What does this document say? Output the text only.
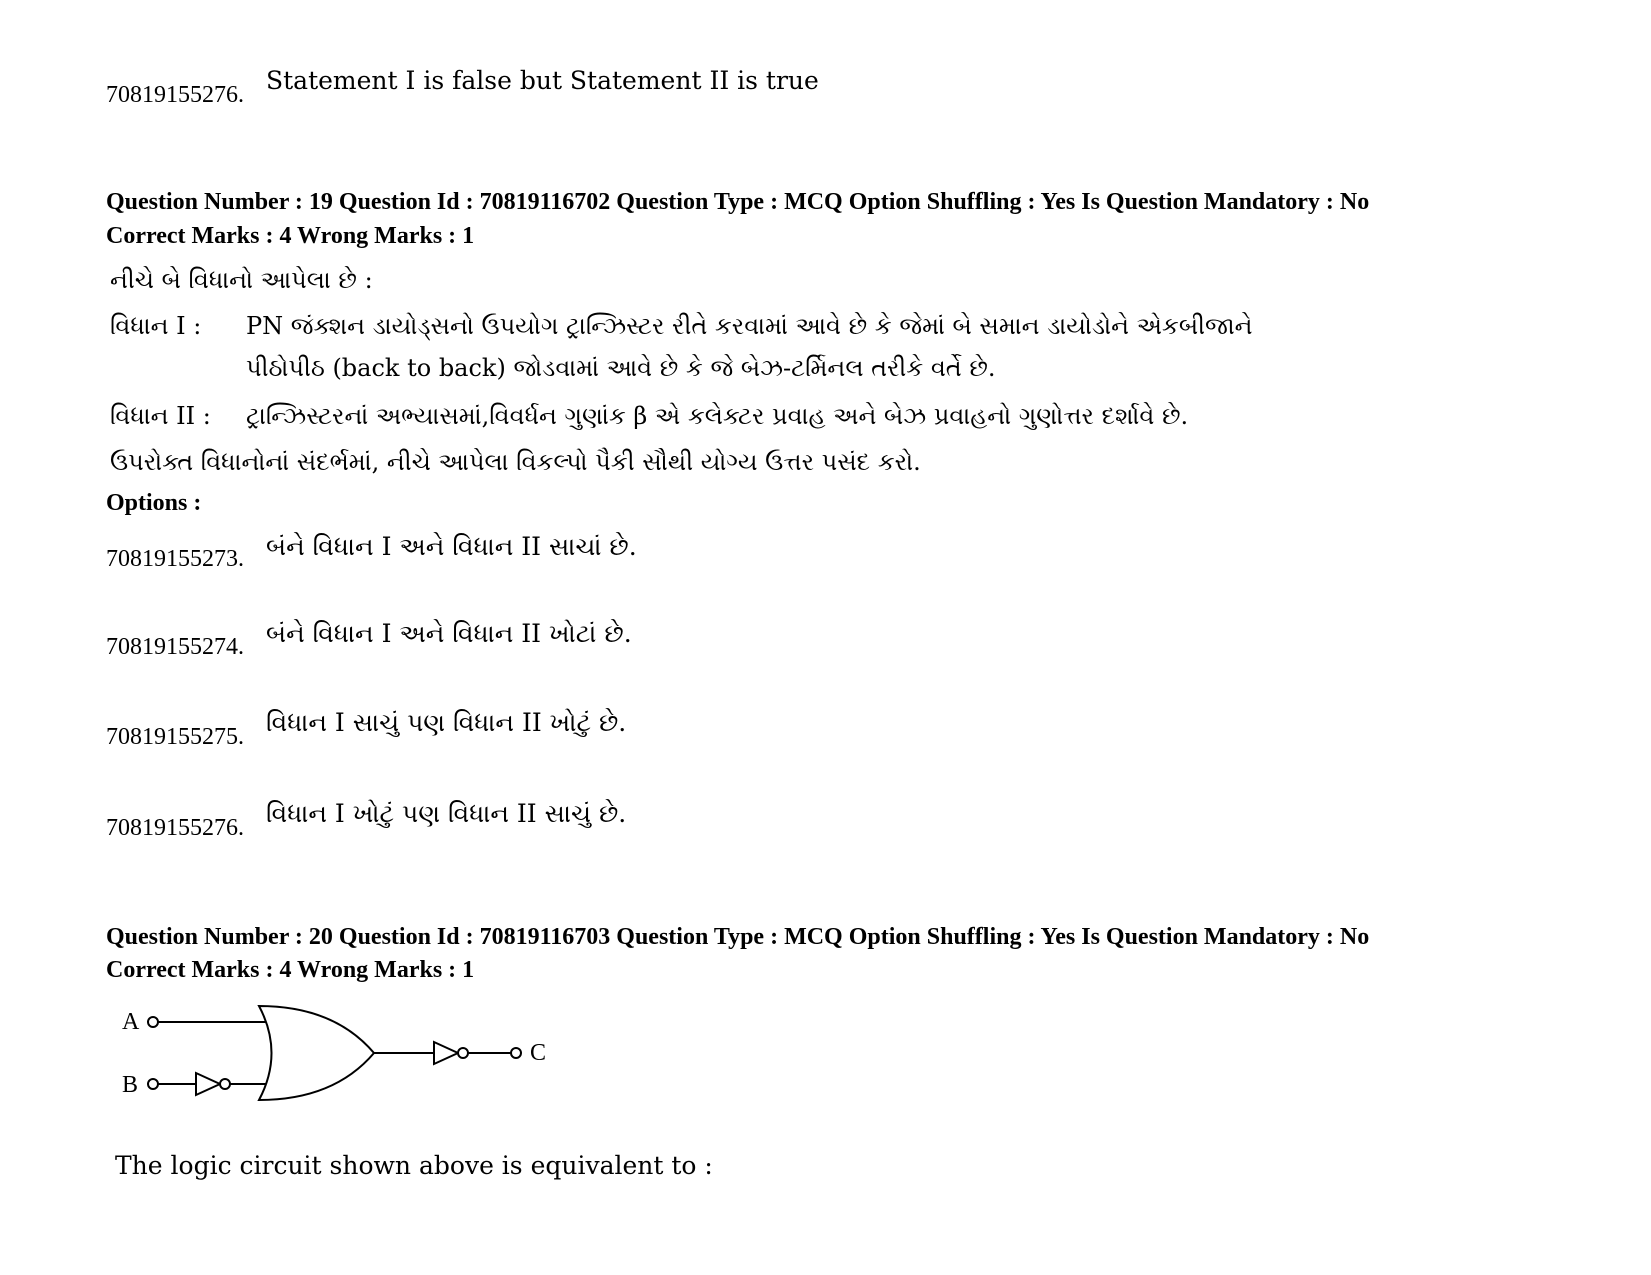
70819155276. Statement I is false but Statement II is true
Question Number : 19 Question Id : 70819116702 Question Type : MCQ Option Shuffling : Yes Is Question Mandatory : No
Correct Marks : 4 Wrong Marks : 1
નીચે બે વિધાનો આપેલા છે :
વિધાન I : PN જંક્શન ડાયોડ્સનો ઉપયોગ ટ્રાન્ઝિસ્ટર રીતે કરવામાં આવે છે કે જેમાં બે સમાન ડાયોડોને એકબીજાને
પીઠોપીઠ (back to back) જોડવામાં આવે છે કે જે બેઝ-ટર્મિનલ તરીકે વર્તે છે.
વિધાન II : ટ્રાન્ઝિસ્ટરનાં અભ્યાસમાં,વિવર્ધન ગુણાંક β એ કલેક્ટર પ્રવાહ અને બેઝ પ્રવાહનો ગુણોત્તર દર્શાવે છે.
ઉપરોક્ત વિધાનોનાં સંદર્ભમાં, નીચે આપેલા વિકલ્પો પૈકી સૌથી યોગ્ય ઉત્તર પસંદ કરો.
Options :
70819155273. બંને વિધાન I અને વિધાન II સાચાં છે.
70819155274. બંને વિધાન I અને વિધાન II ખોટાં છે.
70819155275. વિધાન I સાચું પણ વિધાન II ખોટું છે.
70819155276. વિધાન I ખોટું પણ વિધાન II સાચું છે.
Question Number : 20 Question Id : 70819116703 Question Type : MCQ Option Shuffling : Yes Is Question Mandatory : No
Correct Marks : 4 Wrong Marks : 1
A
B
C
The logic circuit shown above is equivalent to :
